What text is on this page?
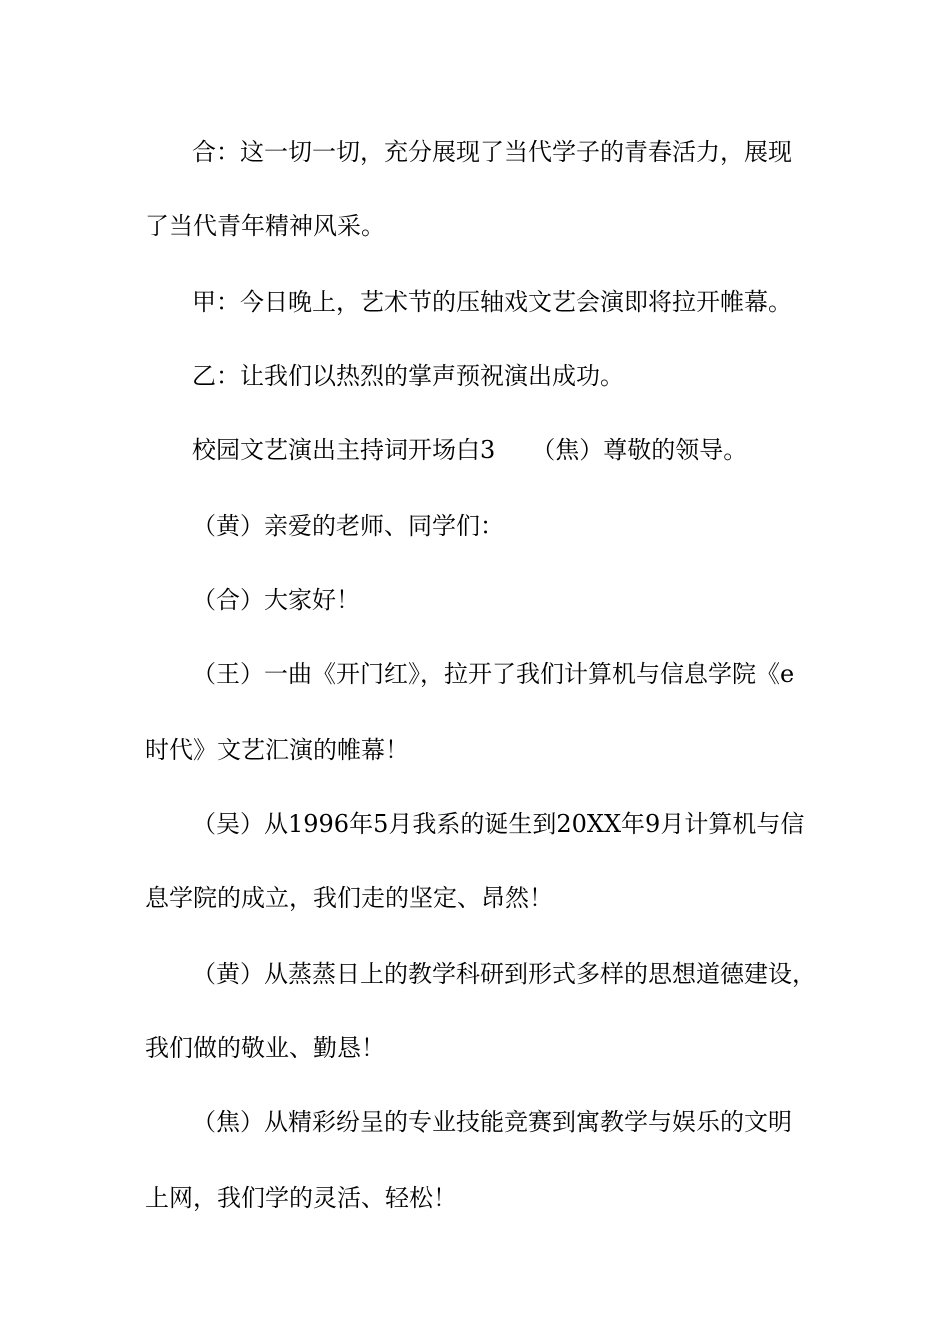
合：这一切一切，充分展现了当代学子的青春活力，展现
了当代青年精神风采。
甲：今日晚上，艺术节的压轴戏文艺会演即将拉开帷幕。
乙：让我们以热烈的掌声预祝演出成功。
校园文艺演出主持词开场白3　　（焦）尊敬的领导。
（黄）亲爱的老师、同学们：
（合）大家好！
（王）一曲《开门红》，拉开了我们计算机与信息学院《e
时代》文艺汇演的帷幕！
（吴）从1996年5月我系的诞生到20XX年9月计算机与信
息学院的成立，我们走的坚定、昂然！
（黄）从蒸蒸日上的教学科研到形式多样的思想道德建设，
我们做的敬业、勤恳！
（焦）从精彩纷呈的专业技能竞赛到寓教学与娱乐的文明
上网，我们学的灵活、轻松！
